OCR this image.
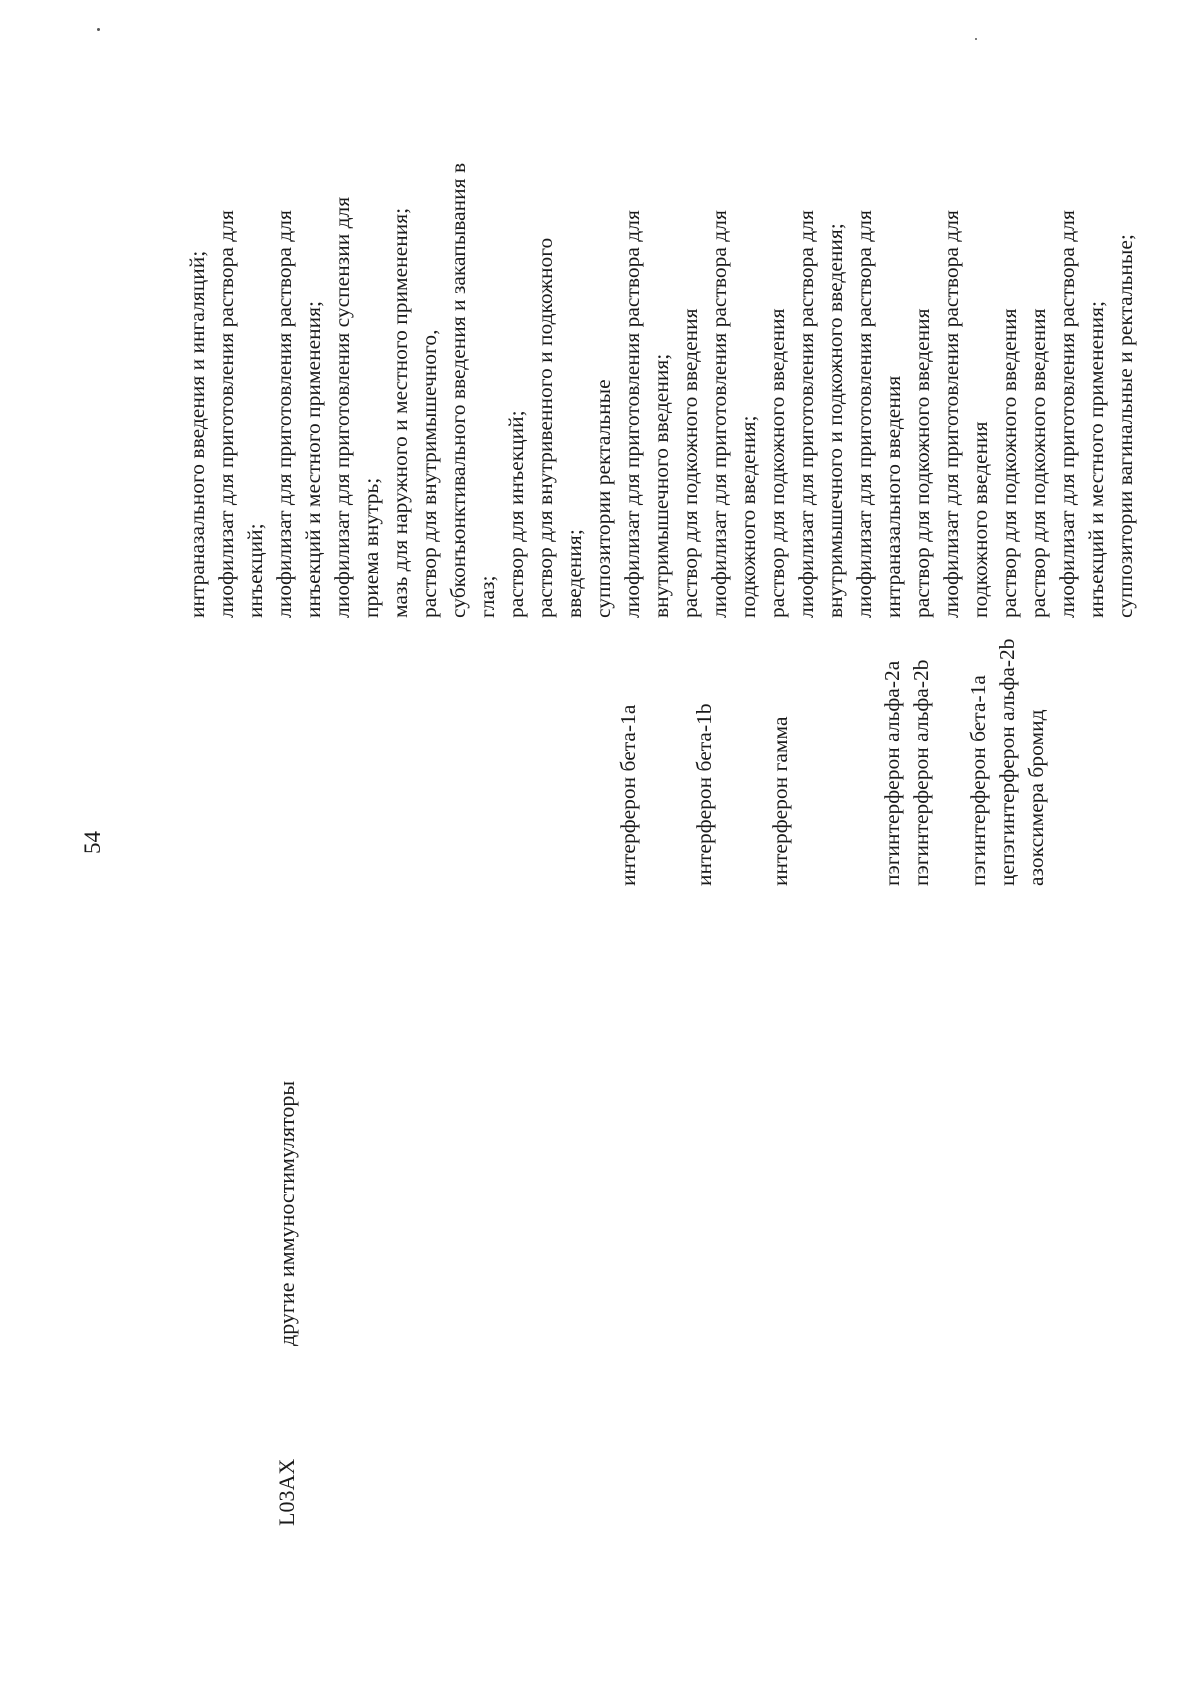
54
L03AX
другие иммуностимуляторы
интерферон бета-1a интерферон бета-1b интерферон гамма	пэгинтерферон альфа-2a пэгинтерферон альфа-2b пэгинтерферон бета-1a цепэгинтерферон альфа-2b азоксимера бромид
интраназального введения и ингаляций; лиофилизат для приготовления раствора для инъекций; лиофилизат для приготовления раствора для инъекций и местного применения; лиофилизат для приготовления суспензии для приема внутрь; мазь для наружного и местного применения; раствор для внутримышечного, субконъюнктивального введения и закапывания в глаз; раствор для инъекций; раствор для внутривенного и подкожного введения; суппозитории ректальные лиофилизат для приготовления раствора для внутримышечного введения; раствор для подкожного введения лиофилизат для приготовления раствора для подкожного введения; раствор для подкожного введения лиофилизат для приготовления раствора для внутримышечного и подкожного введения; лиофилизат для приготовления раствора для интраназального введения раствор для подкожного введения лиофилизат для приготовления раствора для подкожного введения раствор для подкожного введения раствор для подкожного введения лиофилизат для приготовления раствора для инъекций и местного применения; суппозитории вагинальные и ректальные;
